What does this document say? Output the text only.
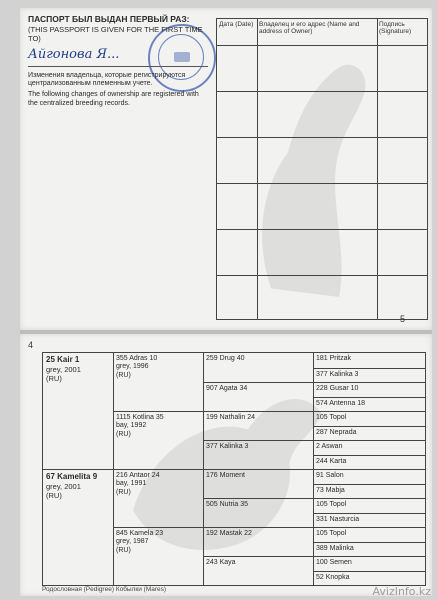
ПАСПОРТ БЫЛ ВЫДАН ПЕРВЫЙ РАЗ:
(THIS PASSPORT IS GIVEN FOR THE FIRST TIME TO)
Айгонова Я...
Изменения владельца, которые регистрируются централизованным племенным учете.
The following changes of ownership are registered with the centralized breeding records.
Дата (Date) Владелец и его адрес (Name and address of Owner)
Подпись (Signature)
5
4
25 Kair 1
grey, 2001
(RU)
67 Kamelita 9
grey, 2001
(RU)
355 Adras 10
grey, 1996
(RU)
1115 Kotlina 35
bay, 1992
(RU)
216 Antaor 24
bay, 1991
(RU)
845 Kamela 23
grey, 1987
(RU)
259 Drug 40
907 Agata 34
199 Nathalin 24
377 Kalinka 3
176 Moment
505 Nutria 35
192 Mastak 22
243 Kaya
181 Pritzak
377 Kalinka 3
228 Gusar 10
574 Antenna 18
105 Topol
287 Neprada
2 Aswan
244 Karta
91 Salon
73 Mabja
105 Topol
331 Nasturcia
105 Topol
389 Malinka
100 Semen
52 Knopka
Родословная (Pedigree) Кобылки (Mares)	AvizInfo.kz
